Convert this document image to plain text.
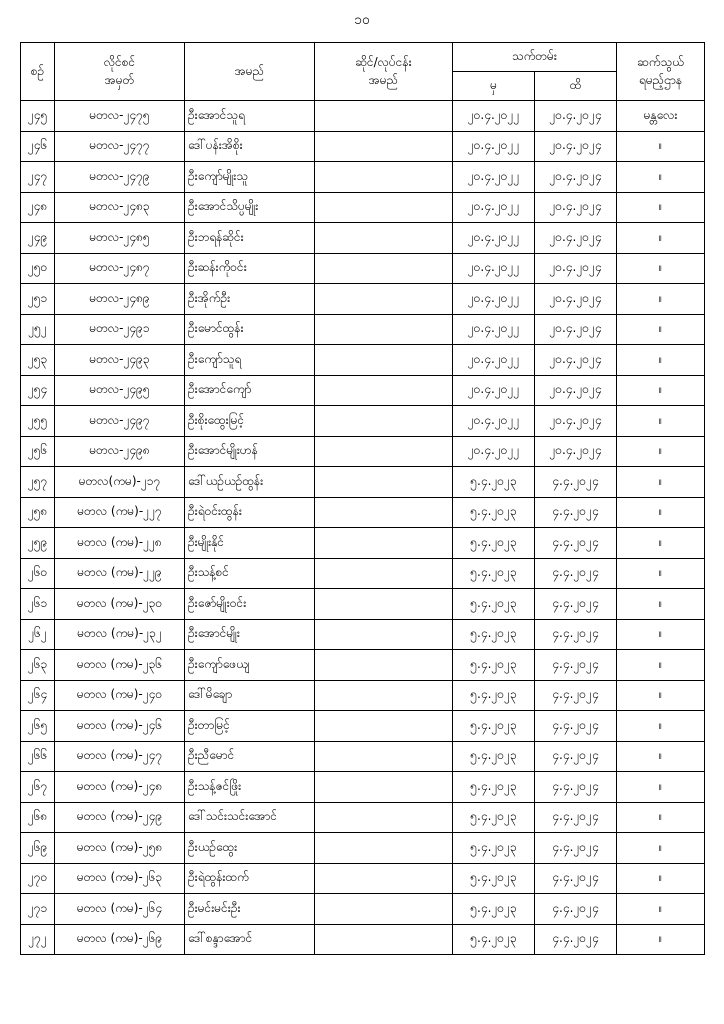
၁၀
စဉ်	လိုင်စင်
အမှတ်	အမည်	ဆိုင်/လုပ်ငန်း
အမည်	သက်တမ်း		ဆက်သွယ်
ရမည့်ဌာန
				မှ	ထိ	
၂၄၅	မတလ-၂၄၇၅	ဦးအောင်သူရ		၂၀.၄.၂၀၂၂	၂၀.၄.၂၀၂၄	မန္တလေး
၂၄၆	မတလ-၂၄၇၇	ဒေါ်ပန်းအိစိုး		၂၀.၄.၂၀၂၂	၂၀.၄.၂၀၂၄	။
၂၄၇	မတလ-၂၄၇၉	ဦးကျော်မျိုးသူ		၂၀.၄.၂၀၂၂	၂၀.၄.၂၀၂၄	။
၂၄၈	မတလ-၂၄၈၃	ဦးအောင်သိပ္ပမျိုး		၂၀.၄.၂၀၂၂	၂၀.၄.၂၀၂၄	။
၂၄၉	မတလ-၂၄၈၅	ဦးဘရန်ဆိုင်း		၂၀.၄.၂၀၂၂	၂၀.၄.၂၀၂၄	။
၂၅၀	မတလ-၂၄၈၇	ဦးဆန်းကိုဝင်း		၂၀.၄.၂၀၂၂	၂၀.၄.၂၀၂၄	။
၂၅၁	မတလ-၂၄၈၉	ဦးအိုက်ဦး		၂၀.၄.၂၀၂၂	၂၀.၄.၂၀၂၄	။
၂၅၂	မတလ-၂၄၉၁	ဦးမောင်ထွန်း		၂၀.၄.၂၀၂၂	၂၀.၄.၂၀၂၄	။
၂၅၃	မတလ-၂၄၉၃	ဦးကျော်သူရ		၂၀.၄.၂၀၂၂	၂၀.၄.၂၀၂၄	။
၂၅၄	မတလ-၂၄၉၅	ဦးအောင်ကျော်		၂၀.၄.၂၀၂၂	၂၀.၄.၂၀၂၄	။
၂၅၅	မတလ-၂၄၉၇	ဦးစိုးထွေးမြင့်		၂၀.၄.၂၀၂၂	၂၀.၄.၂၀၂၄	။
၂၅၆	မတလ-၂၄၉၈	ဦးအောင်မျိုးဟန်		၂၀.၄.၂၀၂၂	၂၀.၄.၂၀၂၄	။
၂၅၇	မတလ(ကမ)-၂၁၇	ဒေါ်ယဉ်ယဉ်ထွန်း		၅.၄.၂၀၂၃	၄.၄.၂၀၂၄	။
၂၅၈	မတလ (ကမ)-၂၂၇	ဦးရဲဝင်းထွန်း		၅.၄.၂၀၂၃	၄.၄.၂၀၂၄	။
၂၅၉	မတလ (ကမ)-၂၂၈	ဦးမျိုးနိုင်		၅.၄.၂၀၂၃	၄.၄.၂၀၂၄	။
၂၆၀	မတလ (ကမ)-၂၂၉	ဦးသန့်စင်		၅.၄.၂၀၂၃	၄.၄.၂၀၂၄	။
၂၆၁	မတလ (ကမ)-၂၃၀	ဦးဇော်မျိုးဝင်း		၅.၄.၂၀၂၃	၄.၄.၂၀၂၄	။
၂၆၂	မတလ (ကမ)-၂၃၂	ဦးအောင်မျိုး		၅.၄.၂၀၂၃	၄.၄.၂၀၂၄	။
၂၆၃	မတလ (ကမ)-၂၃၆	ဦးကျော်ဖေယျ		၅.၄.၂၀၂၃	၄.၄.၂၀၂၄	။
၂၆၄	မတလ (ကမ)-၂၄၀	ဒေါ်မိချော		၅.၄.၂၀၂၃	၄.၄.၂၀၂၄	။
၂၆၅	မတလ (ကမ)-၂၄၆	ဦးတာမြင့်		၅.၄.၂၀၂၃	၄.၄.၂၀၂၄	။
၂၆၆	မတလ (ကမ)-၂၄၇	ဦးညီမောင်		၅.၄.၂၀၂၃	၄.၄.၂၀၂၄	။
၂၆၇	မတလ (ကမ)-၂၄၈	ဦးသန့်ဇင်ဖြိုး		၅.၄.၂၀၂၃	၄.၄.၂၀၂၄	။
၂၆၈	မတလ (ကမ)-၂၄၉	ဒေါ်သင်းသင်းအောင်		၅.၄.၂၀၂၃	၄.၄.၂၀၂၄	။
၂၆၉	မတလ (ကမ)-၂၅၈	ဦးယဉ်ထွေး		၅.၄.၂၀၂၃	၄.၄.၂၀၂၄	။
၂၇၀	မတလ (ကမ)-၂၆၃	ဦးရဲထွန်းထက်		၅.၄.၂၀၂၃	၄.၄.၂၀၂၄	။
၂၇၁	မတလ (ကမ)-၂၆၄	ဦးမင်းမင်းဦး		၅.၄.၂၀၂၃	၄.၄.၂၀၂၄	။
၂၇၂	မတလ (ကမ)-၂၆၉	ဒေါ်စန္ဒာအောင်		၅.၄.၂၀၂၃	၄.၄.၂၀၂၄	။
